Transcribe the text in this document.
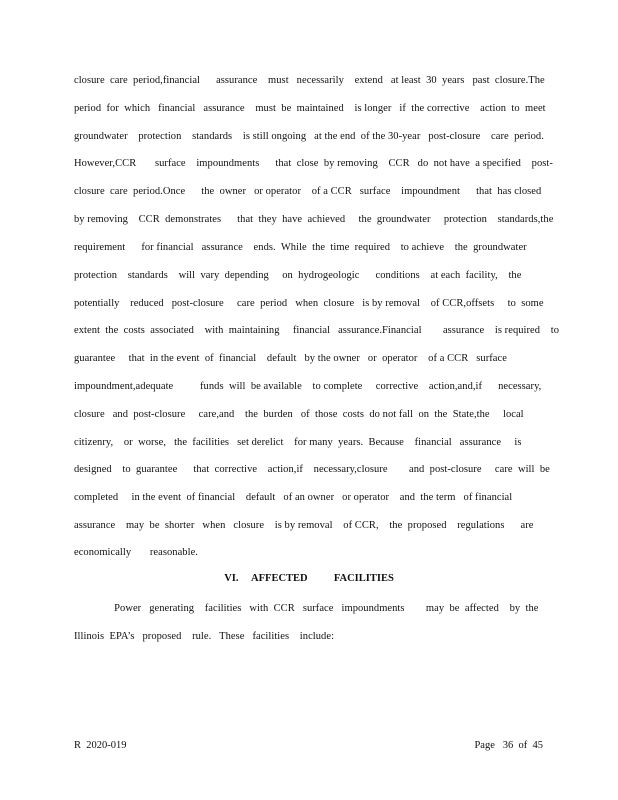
closure  care  period,financial      assurance    must   necessarily    extend   at least  30  years   past  closure.The
period  for  which   financial   assurance    must  be  maintained    is longer   if  the corrective    action  to  meet
groundwater    protection    standards    is still ongoing   at the end  of the 30-year   post-closure    care  period.
However,CCR       surface    impoundments      that  close  by removing    CCR   do  not have  a specified    post-
closure  care  period.Once      the  owner   or operator    of a CCR   surface    impoundment      that  has closed
by removing    CCR  demonstrates      that  they  have  achieved     the  groundwater     protection    standards,the
requirement      for financial   assurance    ends.  While  the  time  required    to achieve    the  groundwater
protection    standards    will  vary  depending     on  hydrogeologic      conditions    at each  facility,    the
potentially    reduced   post-closure     care  period   when  closure   is by removal    of CCR,offsets     to  some
extent  the  costs  associated    with  maintaining     financial   assurance.Financial        assurance    is required    to
guarantee     that  in the event  of  financial    default   by the owner   or  operator    of a CCR   surface
impoundment,adequate          funds  will  be available    to complete     corrective    action,and,if      necessary,
closure   and  post-closure     care,and    the  burden   of  those  costs  do not fall  on  the  State,the     local
citizenry,    or  worse,   the  facilities   set derelict    for many  years.  Because    financial   assurance     is
designed    to  guarantee      that  corrective    action,if    necessary,closure        and  post-closure     care  will  be
completed     in the event  of financial    default   of an owner   or operator    and  the term   of financial
assurance    may  be  shorter   when   closure    is by removal    of CCR,    the  proposed    regulations      are
economically       reasonable.
VI.     AFFECTED          FACILITIES
Power   generating    facilities   with  CCR   surface   impoundments        may  be  affected    by  the
Illinois  EPA’s   proposed    rule.   These   facilities    include:
R  2020-019	Page   36  of  45
